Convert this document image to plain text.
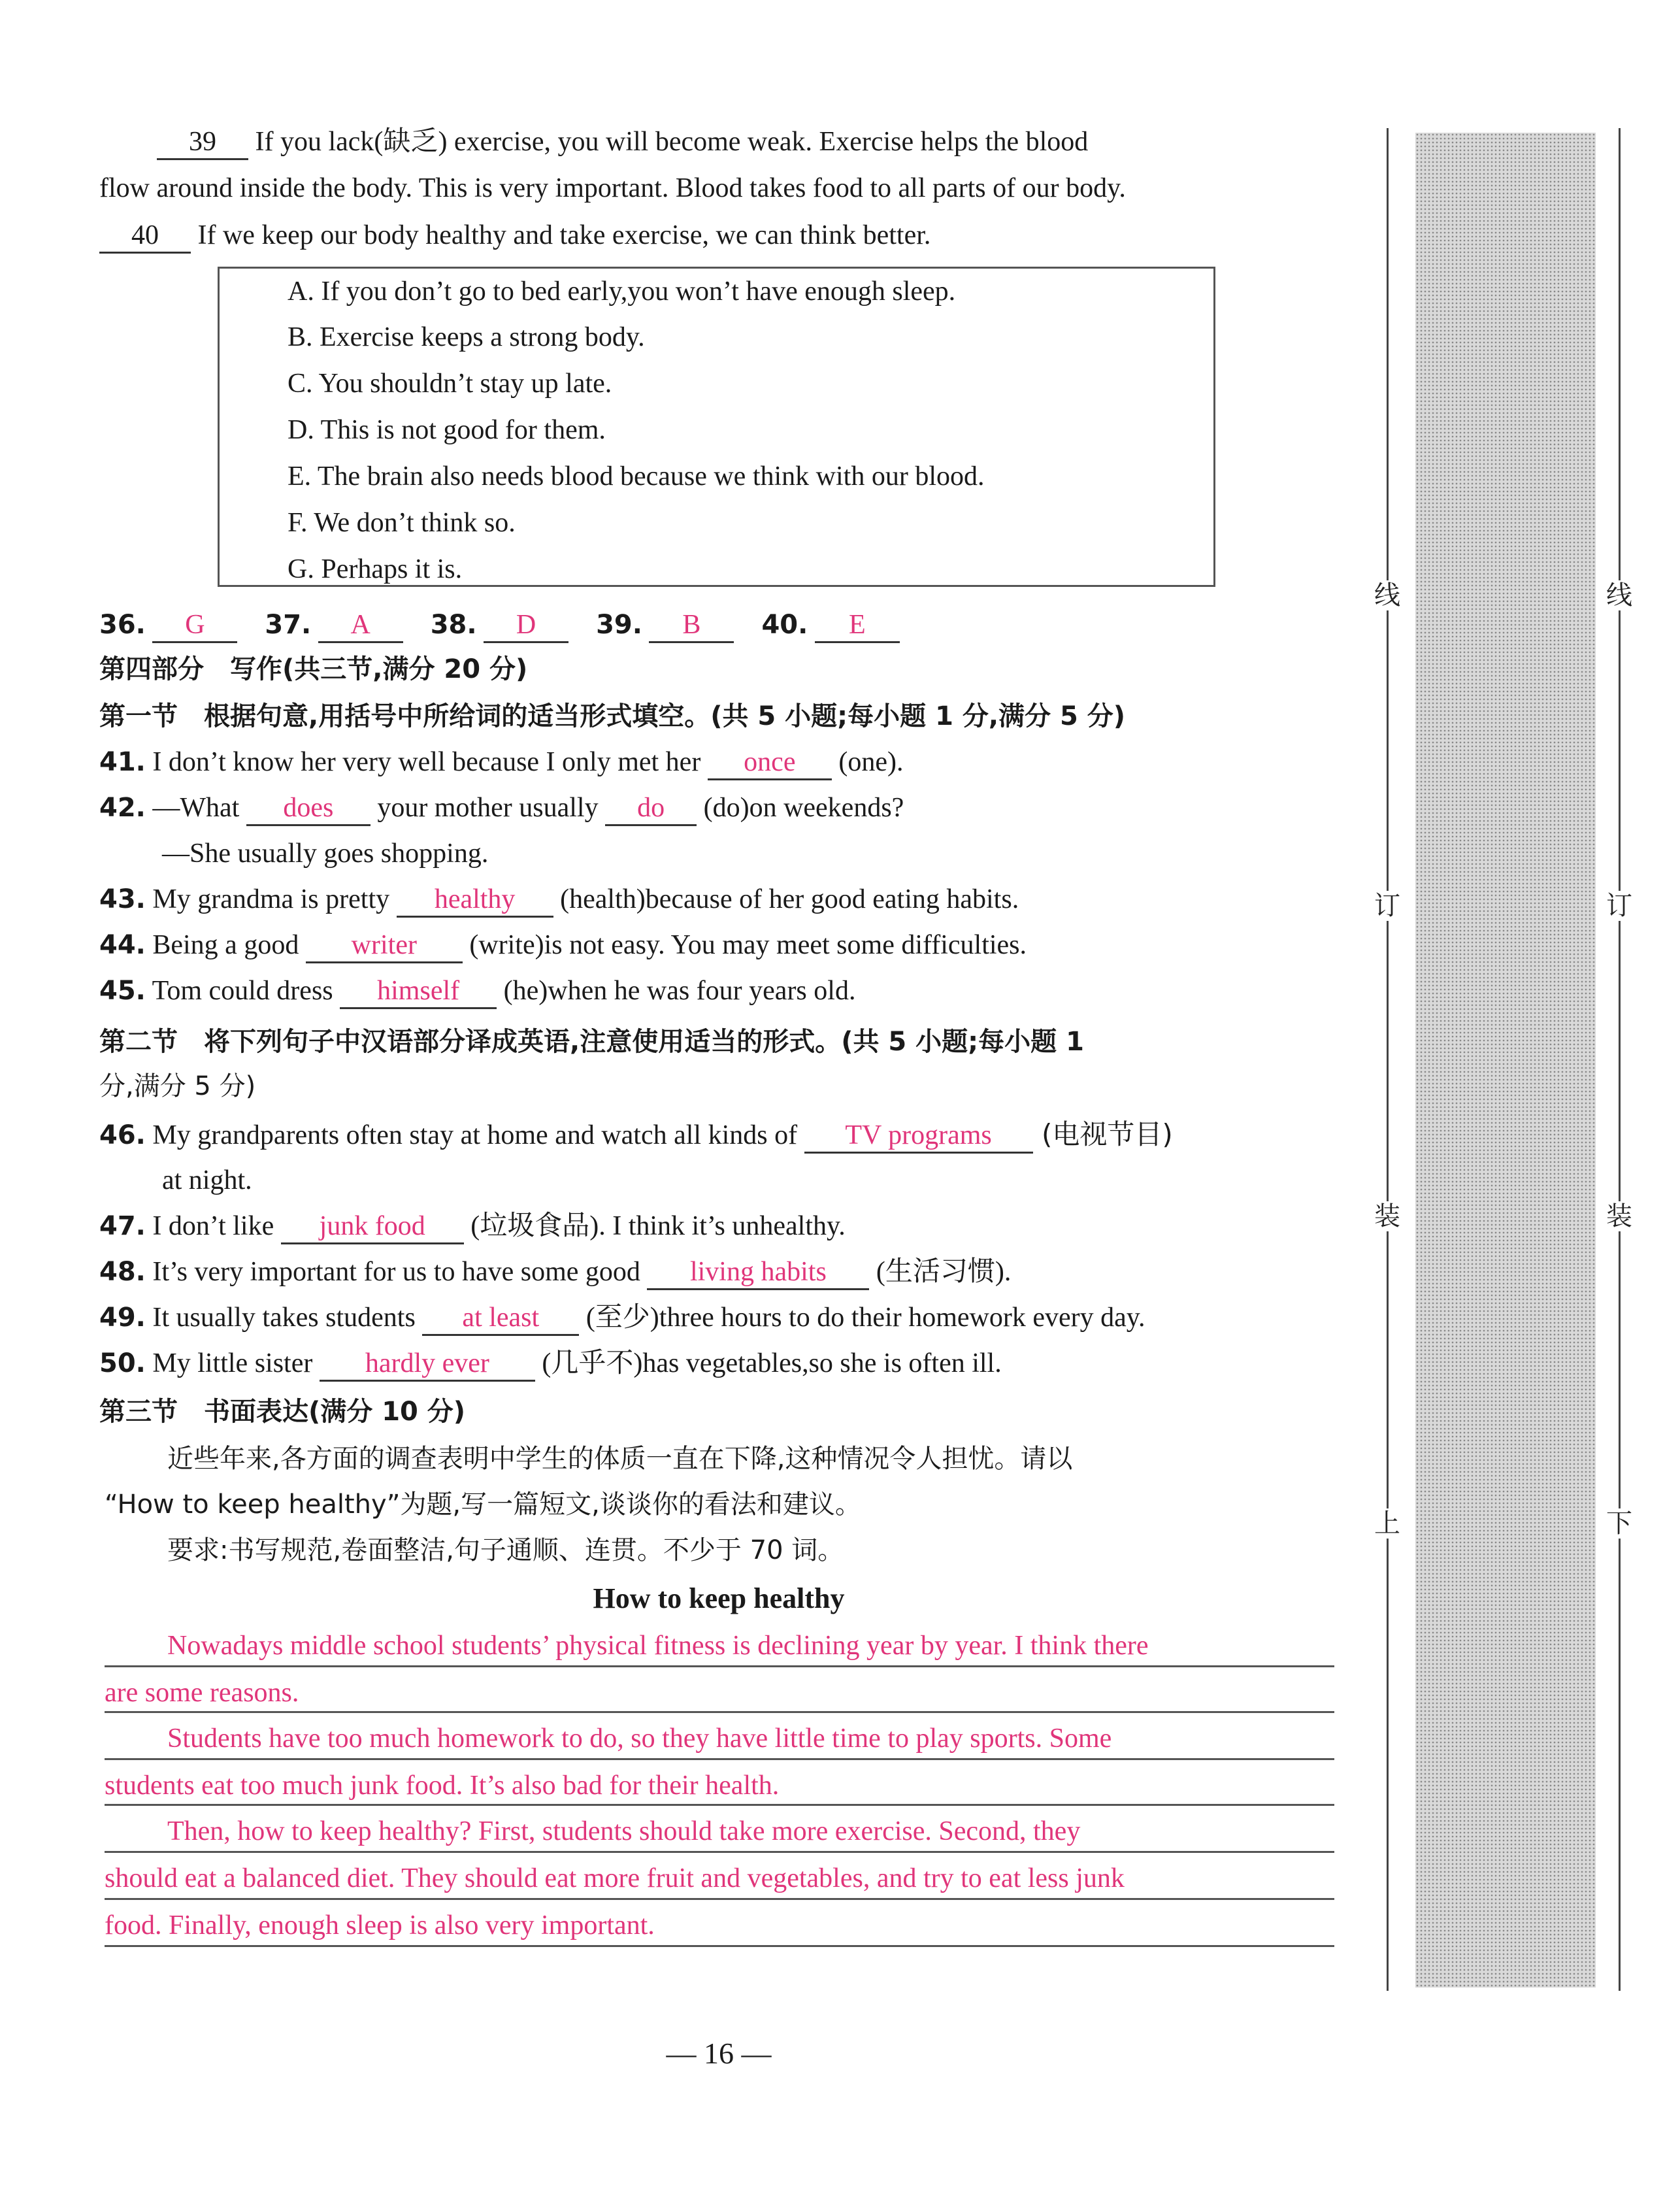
39 If you lack(缺乏) exercise, you will become weak. Exercise helps the blood
flow around inside the body. This is very important. Blood takes food to all parts of our body.
40 If we keep our body healthy and take exercise, we can think better.
A. If you don’t go to bed early,you won’t have enough sleep.
B. Exercise keeps a strong body.
C. You shouldn’t stay up late.
D. This is not good for them.
E. The brain also needs blood because we think with our blood.
F. We don’t think so.
G. Perhaps it is.
36. G 37. A 38. D 39. B 40. E
第四部分　写作(共三节,满分 20 分)
第一节　根据句意,用括号中所给词的适当形式填空。(共 5 小题;每小题 1 分,满分 5 分)
41. I don’t know her very well because I only met her once (one).
42. —What does your mother usually do (do)on weekends?
—She usually goes shopping.
43. My grandma is pretty healthy (health)because of her good eating habits.
44. Being a good writer (write)is not easy. You may meet some difficulties.
45. Tom could dress himself (he)when he was four years old.
第二节　将下列句子中汉语部分译成英语,注意使用适当的形式。(共 5 小题;每小题 1
分,满分 5 分)
46. My grandparents often stay at home and watch all kinds of TV programs (电视节目)
at night.
47. I don’t like junk food (垃圾食品). I think it’s unhealthy.
48. It’s very important for us to have some good living habits (生活习惯).
49. It usually takes students at least (至少)three hours to do their homework every day.
50. My little sister hardly ever (几乎不)has vegetables,so she is often ill.
第三节　书面表达(满分 10 分)
近些年来,各方面的调查表明中学生的体质一直在下降,这种情况令人担忧。请以
“How to keep healthy”为题,写一篇短文,谈谈你的看法和建议。
要求:书写规范,卷面整洁,句子通顺、连贯。不少于 70 词。
How to keep healthy
Nowadays middle school students’ physical fitness is declining year by year. I think there
are some reasons.
Students have too much homework to do, so they have little time to play sports. Some
students eat too much junk food. It’s also bad for their health.
Then, how to keep healthy? First, students should take more exercise. Second, they
should eat a balanced diet. They should eat more fruit and vegetables, and try to eat less junk
food. Finally, enough sleep is also very important.
线
订
装
上
线
订
装
下
— 16 —
